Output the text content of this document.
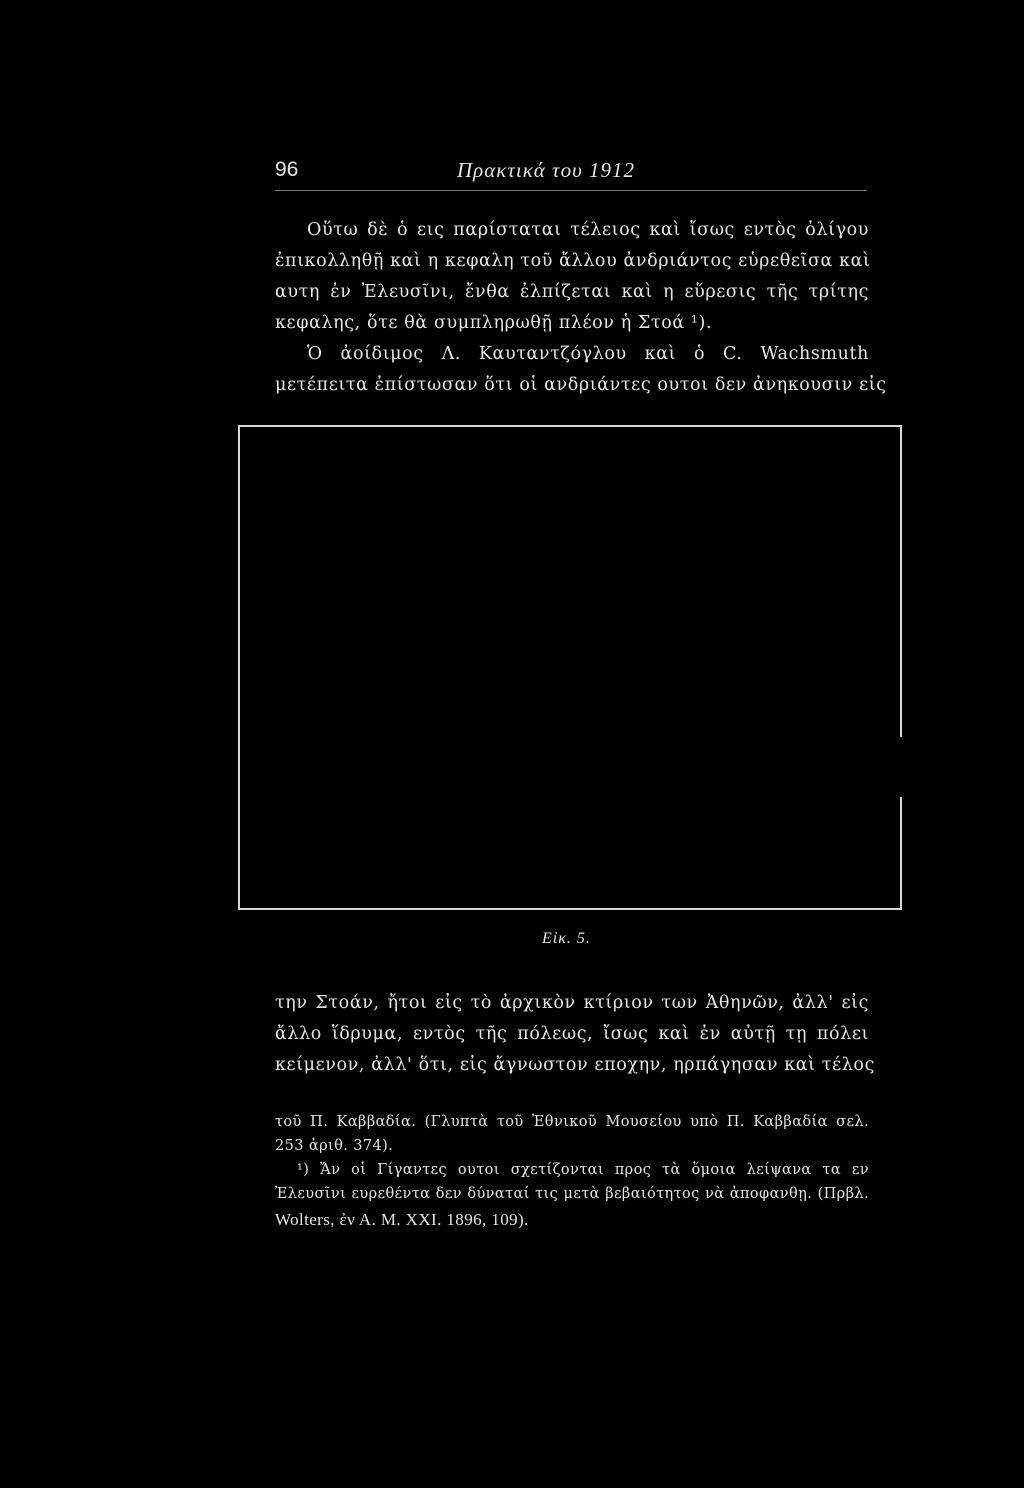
96	Πρακτικά του 1912
Οὕτω δὲ ὁ εις παρίσταται τέλειος καὶ ἴσως εντὸς ὀλίγου
ἐπικολληθῇ καὶ η κεφαλη τοῦ ἄλλου ἀνδριάντος εὑρεθεῖσα καὶ
αυτη ἐν Ἐλευσῖνι, ἔνθα ἐλπίζεται καὶ η εὕρεσις τῆς τρίτης
κεφαλης, ὅτε θὰ συμπληρωθῇ πλέον ἡ Στοά ¹).
Ὁ ἀοίδιμος Λ. Καυταντζόγλου καὶ ὁ C. Wachsmuth
μετέπειτα ἐπίστωσαν ὅτι οἱ ανδριάντες ουτοι δεν ἀνηκουσιν εἰς
Εἰκ. 5.
την Στοάν, ἤτοι εἰς τὸ ἀρχικὸν κτίριον των Ἀθηνῶν, ἀλλ' εἰς
ἄλλο ἵδρυμα, εντὸς τῆς πόλεως, ἴσως καὶ ἐν αὐτῇ τῃ πόλει
κείμενον, ἀλλ' ὅτι, εἰς ἄγνωστον εποχην, ηρπάγησαν καὶ τέλος
τοῦ Π. Καββαδία. (Γλυπτὰ τοῦ Ἐθνικοῦ Μουσείου υπὸ Π. Καββαδία σελ.
253 ἀριθ. 374).
¹) Ἄν οἱ Γίγαντες ουτοι σχετίζονται προς τὰ ὅμοια λείψανα τα εν
Ἐλευσῖνι ευρεθέντα δεν δύναταί τις μετὰ βεβαιότητος νὰ ἀποφανθῃ. (Πρβλ.
Wolters, ἐν Α. Μ. XXI. 1896, 109).
